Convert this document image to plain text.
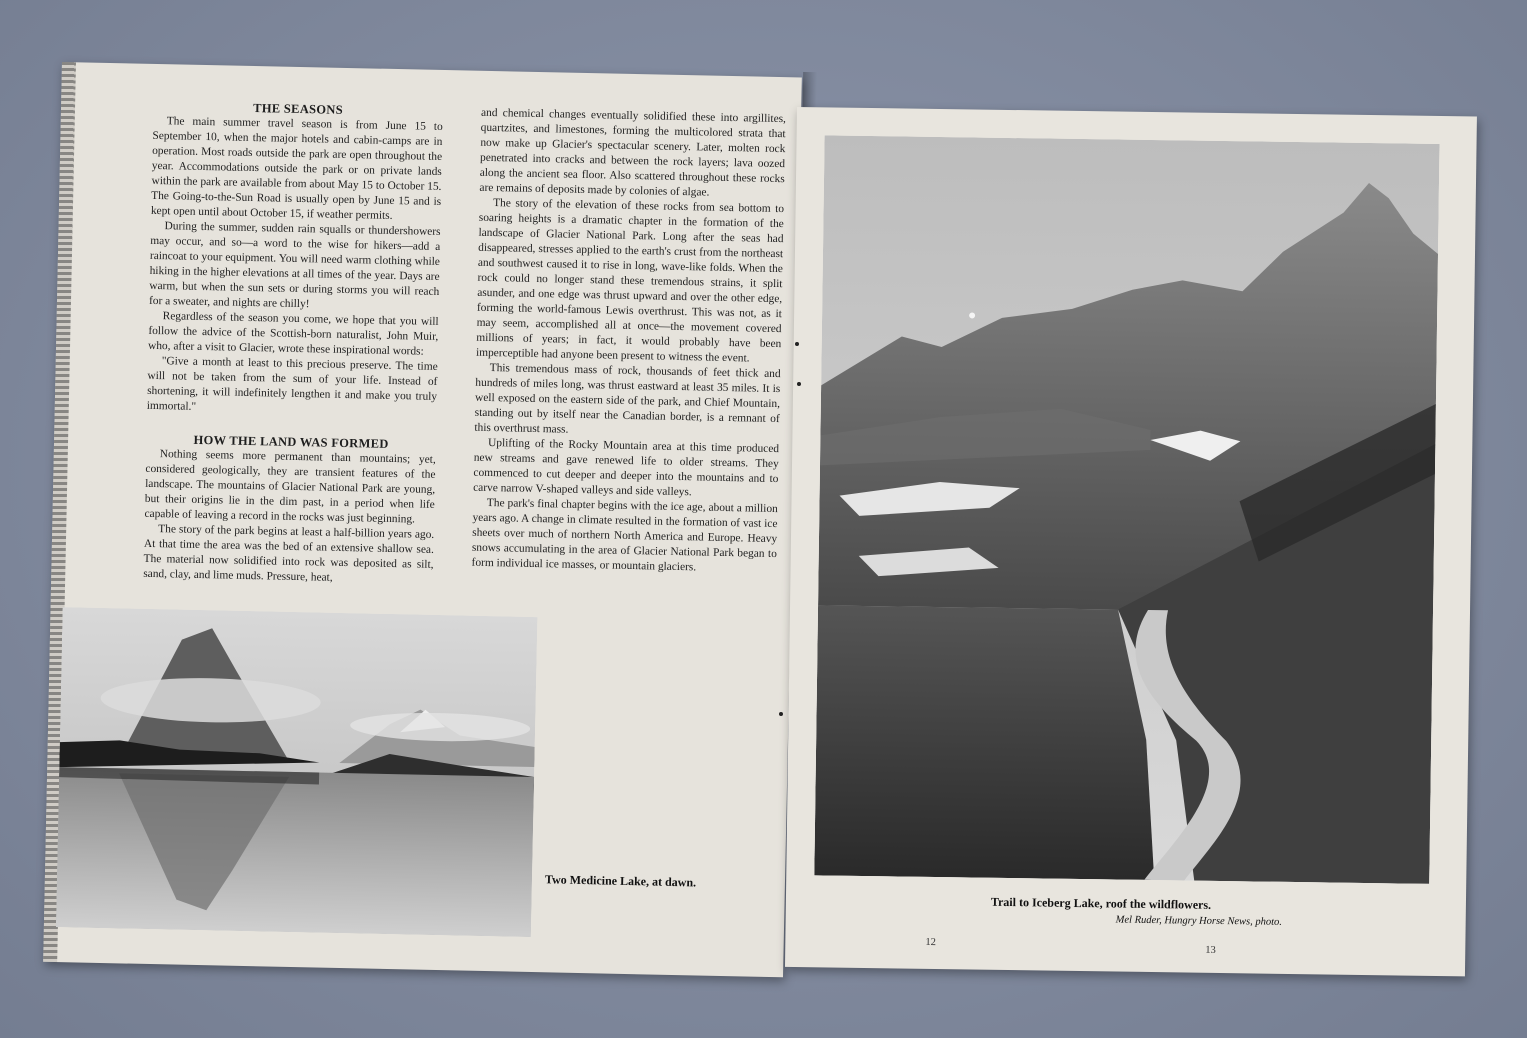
THE SEASONS

The main summer travel season is from June 15 to September 10, when the major hotels and cabin-camps are in operation. Most roads outside the park are open throughout the year. Accommodations outside the park or on private lands within the park are available from about May 15 to October 15. The Going-to-the-Sun Road is usually open by June 15 and is kept open until about October 15, if weather permits.

During the summer, sudden rain squalls or thundershowers may occur, and so—a word to the wise for hikers—add a raincoat to your equipment. You will need warm clothing while hiking in the higher elevations at all times of the year. Days are warm, but when the sun sets or during storms you will reach for a sweater, and nights are chilly!

Regardless of the season you come, we hope that you will follow the advice of the Scottish-born naturalist, John Muir, who, after a visit to Glacier, wrote these inspirational words:

"Give a month at least to this precious preserve. The time will not be taken from the sum of your life. Instead of shortening, it will indefinitely lengthen it and make you truly immortal."

HOW THE LAND WAS FORMED

Nothing seems more permanent than mountains; yet, considered geologically, they are transient features of the landscape. The mountains of Glacier National Park are young, but their origins lie in the dim past, in a period when life capable of leaving a record in the rocks was just beginning.

The story of the park begins at least a half-billion years ago. At that time the area was the bed of an extensive shallow sea. The material now solidified into rock was deposited as silt, sand, clay, and lime muds. Pressure, heat,

and chemical changes eventually solidified these into argillites, quartzites, and limestones, forming the multicolored strata that now make up Glacier's spectacular scenery. Later, molten rock penetrated into cracks and between the rock layers; lava oozed along the ancient sea floor. Also scattered throughout these rocks are remains of deposits made by colonies of algae.

The story of the elevation of these rocks from sea bottom to soaring heights is a dramatic chapter in the formation of the landscape of Glacier National Park. Long after the seas had disappeared, stresses applied to the earth's crust from the northeast and southwest caused it to rise in long, wave-like folds. When the rock could no longer stand these tremendous strains, it split asunder, and one edge was thrust upward and over the other edge, forming the world-famous Lewis overthrust. This was not, as it may seem, accomplished all at once—the movement covered millions of years; in fact, it would probably have been imperceptible had anyone been present to witness the event.

This tremendous mass of rock, thousands of feet thick and hundreds of miles long, was thrust eastward at least 35 miles. It is well exposed on the eastern side of the park, and Chief Mountain, standing out by itself near the Canadian border, is a remnant of this overthrust mass.

Uplifting of the Rocky Mountain area at this time produced new streams and gave renewed life to older streams. They commenced to cut deeper and deeper into the mountains and to carve narrow V-shaped valleys and side valleys.

The park's final chapter begins with the ice age, about a million years ago. A change in climate resulted in the formation of vast ice sheets over much of northern North America and Europe. Heavy snows accumulating in the area of Glacier National Park began to form individual ice masses, or mountain glaciers.

Two Medicine Lake, at dawn.
Trail to Iceberg Lake, roof the wildflowers.
Mel Ruder, Hungry Horse News, photo.
12
13
